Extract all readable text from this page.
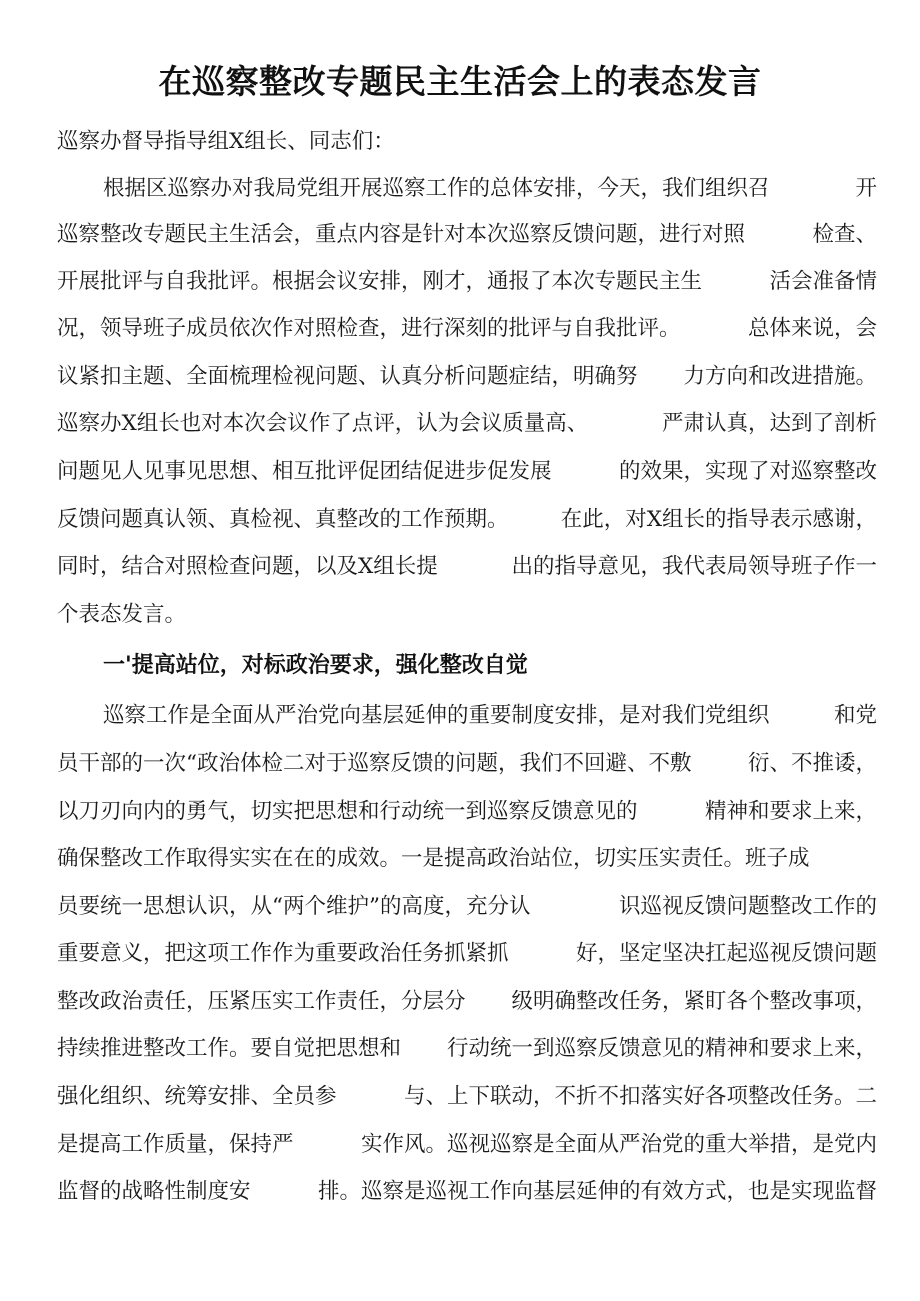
在巡察整改专题民主生活会上的表态发言
巡察办督导指导组X组长、同志们：
根据区巡察办对我局党组开展巡察工作的总体安排，今天，我们组织召	开
巡察整改专题民主生活会，重点内容是针对本次巡察反馈问题，进行对照	检查、
开展批评与自我批评。根据会议安排，刚才，通报了本次专题民主生	活会准备情
况，领导班子成员依次作对照检查，进行深刻的批评与自我批评。	总体来说，会
议紧扣主题、全面梳理检视问题、认真分析问题症结，明确努 力方向和改进措施。
巡察办X组长也对本次会议作了点评，认为会议质量高、	严肃认真，达到了剖析
问题见人见事见思想、相互批评促团结促进步促发展	的效果，实现了对巡察整改
反馈问题真认领、真检视、真整改的工作预期。 在此，对X组长的指导表示感谢，
同时，结合对照检查问题，以及X组长提	出的指导意见，我代表局领导班子作一
个表态发言。
一'提高站位，对标政治要求，强化整改自觉
巡察工作是全面从严治党向基层延伸的重要制度安排，是对我们党组织	和党
员干部的一次“政治体检二对于巡察反馈的问题，我们不回避、不敷	衍、不推诿，
以刀刃向内的勇气，切实把思想和行动统一到巡察反馈意见的	精神和要求上来，
确保整改工作取得实实在在的成效。一是提高政治站位，切实压实责任。班子成
员要统一思想认识，从“两个维护”的高度，充分认	识巡视反馈问题整改工作的
重要意义，把这项工作作为重要政治任务抓紧抓	好，坚定坚决扛起巡视反馈问题
整改政治责任，压紧压实工作责任，分层分 级明确整改任务，紧盯各个整改事项，
持续推进整改工作。要自觉把思想和 行动统一到巡察反馈意见的精神和要求上来，
强化组织、统筹安排、全员参	与、上下联动，不折不扣落实好各项整改任务。二
是提高工作质量，保持严	实作风。巡视巡察是全面从严治党的重大举措，是党内
监督的战略性制度安	排。巡察是巡视工作向基层延伸的有效方式，也是实现监督
